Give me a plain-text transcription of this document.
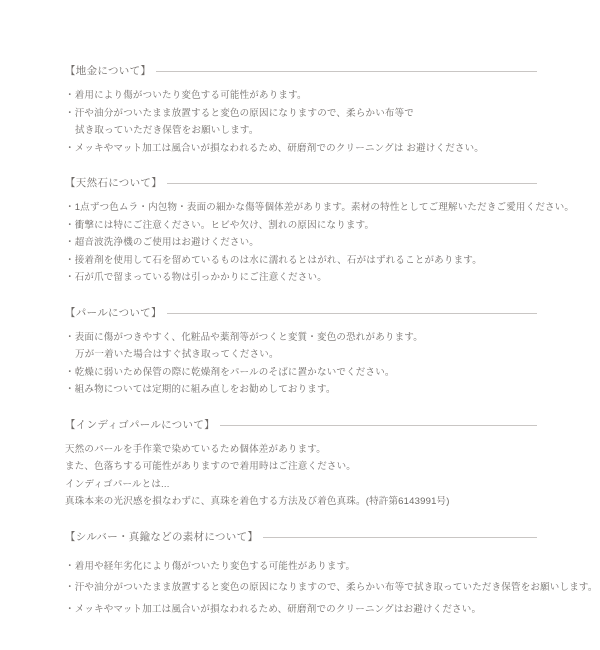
【地金について】

・着用により傷がついたり変色する可能性があります。

・汗や油分がついたまま放置すると変色の原因になりますので、柔らかい布等で

拭き取っていただき保管をお願いします。

・メッキやマット加工は風合いが損なわれるため、研磨剤でのクリーニングは お避けください。

【天然石について】

・1点ずつ色ムラ・内包物・表面の細かな傷等個体差があります。素材の特性としてご理解いただきご愛用ください。

・衝撃には特にご注意ください。ヒビや欠け、割れの原因になります。

・超音波洗浄機のご使用はお避けください。

・接着剤を使用して石を留めているものは水に濡れるとはがれ、石がはずれることがあります。

・石が爪で留まっている物は引っかかりにご注意ください。

【パールについて】

・表面に傷がつきやすく、化粧品や薬剤等がつくと変質・変色の恐れがあります。

万が一着いた場合はすぐ拭き取ってください。

・乾燥に弱いため保管の際に乾燥剤をパールのそばに置かないでください。

・組み物については定期的に組み直しをお勧めしております。

【インディゴパールについて】

天然のパールを手作業で染めているため個体差があります。

また、色落ちする可能性がありますので着用時はご注意ください。

インディゴパールとは...

真珠本来の光沢感を損なわずに、真珠を着色する方法及び着色真珠。(特許第6143991号)

【シルバー・真鍮などの素材について】

・着用や経年劣化により傷がついたり変色する可能性があります。

・汗や油分がついたまま放置すると変色の原因になりますので、柔らかい布等で拭き取っていただき保管をお願いします。

・メッキやマット加工は風合いが損なわれるため、研磨剤でのクリーニングはお避けください。
